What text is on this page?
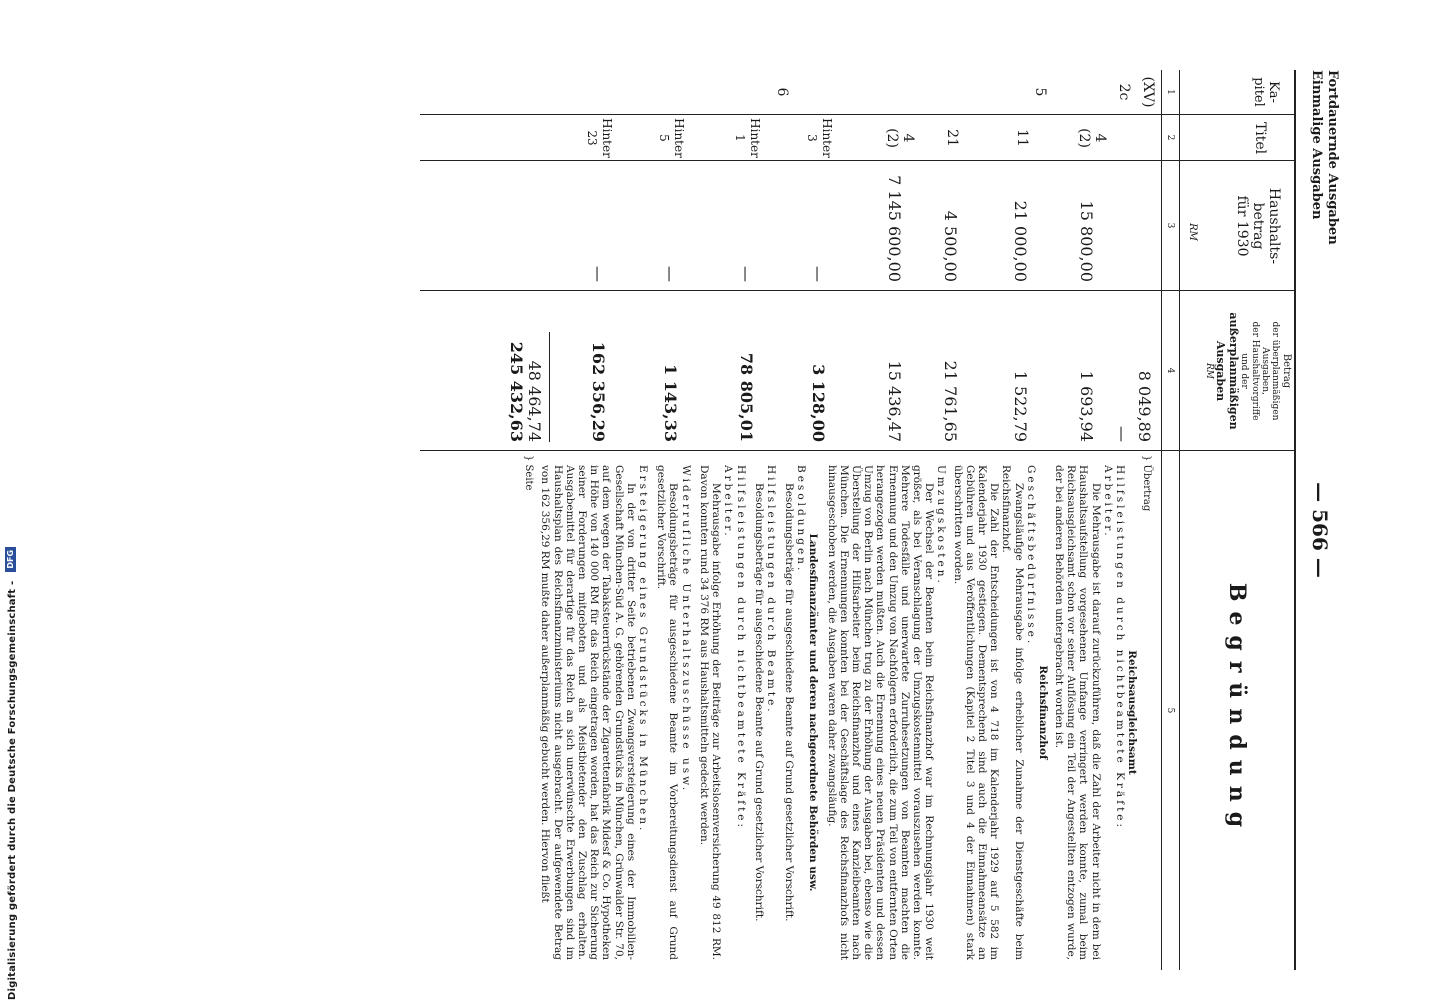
— 566 —
Fortdauernde Ausgaben
Einmalige Ausgaben
Ka-
pitel
Titel
Haushalts-
betrag
für 1930
RM
Betrag
der überplanmäßigen
Ausgaben,
der Haushaltvorgriffe
und der
außerplanmäßigen
Ausgaben
RM
Begründung
1
2
3
4
5
(XV)
8 049,89
} Übertrag
2c
—
4
(2)
15 800,00
1 693,94
5
11
21 000,00
1 522,79
21
4 500,00
21 761,65
6
Hinter
1
—
78 805,01
Hinter
3
—
3 128,00
4
(2)
7 145 600,00
15 436,47
Hinter
5
—
1 143,33
Hinter
23
—
162 356,29
48 464,74
245 432,63
} Seite
Reichsausgleichsamt
Hilfsleistungen durch nichtbeamtete Kräfte:
Arbeiter.
Die Mehrausgabe ist darauf zurückzuführen, daß die Zahl der Arbeiter nicht in dem bei Haushaltsaufstellung vorgesehenen Umfange verringert werden konnte, zumal beim Reichsausgleichsamt schon vor seiner Auflösung ein Teil der Angestellten entzogen wurde, der bei anderen Behörden untergebracht worden ist.
Reichsfinanzhof
Geschäftsbedürfnisse.
Zwangsläufige Mehrausgabe infolge erheblicher Zunahme der Dienstgeschäfte beim Reichsfinanzhof.
Die Zahl der Entscheidungen ist von 4 718 im Kalenderjahr 1929 auf 5 582 im Kalenderjahr 1930 gestiegen. Dementsprechend sind auch die Einnahmeansätze an Gebühren und aus Veröffentlichungen (Kapitel 2 Titel 3 und 4 der Einnahmen) stark überschritten worden.
Umzugskosten.
Der Wechsel der Beamten beim Reichsfinanzhof war im Rechnungsjahr 1930 weit größer, als bei Veranschlagung der Umzugskostenmittel vorauszusehen werden konnte. Mehrere Todesfälle und unerwartete Zurruhesetzungen von Beamten machten die Ernennung und den Umzug von Nachfolgern erforderlich, die zum Teil von entfernten Orten herangezogen werden mußten. Auch die Ernennung eines neuen Präsidenten und dessen Umzug von Berlin nach München trug zu der Erhöhung der Ausgaben bei, ebenso wie die Überstellung der Hilfsarbeiter beim Reichsfinanzhof und eines Kanzleibeamten nach München. Die Ernennungen konnten bei der Geschäftslage des Reichsfinanzhofs nicht hinausgeschoben werden, die Ausgaben waren daher zwangsläufig.
Landesfinanzämter und deren nachgeordnete Behörden usw.
Besoldungen.
Besoldungsbeträge für ausgeschiedene Beamte auf Grund gesetzlicher Vorschrift.
Hilfsleistungen durch Beamte.
Besoldungsbeträge für ausgeschiedene Beamte auf Grund gesetzlicher Vorschrift.
Hilfsleistungen durch nichtbeamtete Kräfte:
Arbeiter.
Mehrausgabe infolge Erhöhung der Beiträge zur Arbeitslosenversicherung 49 812 RM. Davon konnten rund 34 376 RM aus Haushaltsmitteln gedeckt werden.
Widerrufliche Unterhaltszuschüsse usw.
Besoldungsbeträge für ausgeschiedene Beamte im Vorbereitungsdienst auf Grund gesetzlicher Vorschrift.
Ersteigerung eines Grundstücks in München.
In der von dritter Seite betriebenen Zwangsversteigerung eines der Immobilien-Gesellschaft München-Süd A. G. gehörenden Grundstücks in München, Grünwalder Str. 70, auf dem wegen der Tabaksteuerrückstände der Zigarettenfabrik Midesf & Co. Hypotheken in Höhe von 140 000 RM für das Reich eingetragen worden, hat das Reich zur Sicherung seiner Forderungen mitgeboten und als Meistbietender den Zuschlag erhalten. Ausgabemittel für derartige für das Reich an sich unerwünschte Erwerbungen sind im Haushaltsplan des Reichsfinanzministeriums nicht ausgebracht. Der aufgewendete Betrag von 162 356,29 RM mußte daher außerplanmäßig gebucht werden. Hiervon fließt
Digitalisierung gefördert durch die Deutsche Forschungsgemeinschaft - DFG
